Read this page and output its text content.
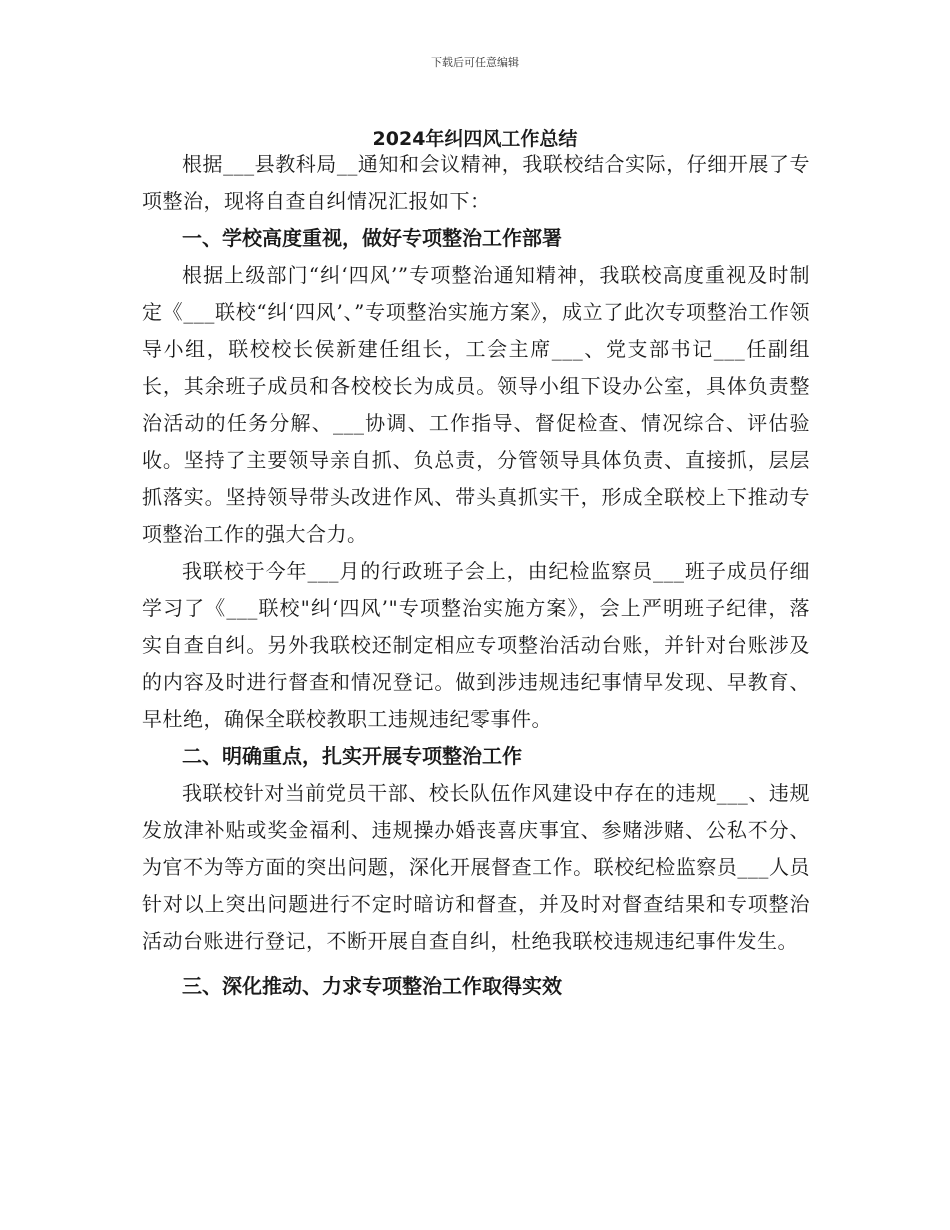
下载后可任意编辑
2024年纠四风工作总结

根据___县教科局__通知和会议精神，我联校结合实际，仔细开展了专项整治，现将自查自纠情况汇报如下：

一、学校高度重视，做好专项整治工作部署

根据上级部门“纠‘四风’”专项整治通知精神，我联校高度重视及时制定《___联校“纠‘四风’、”专项整治实施方案》，成立了此次专项整治工作领导小组，联校校长侯新建任组长，工会主席___、党支部书记___任副组长，其余班子成员和各校校长为成员。领导小组下设办公室，具体负责整治活动的任务分解、___协调、工作指导、督促检查、情况综合、评估验收。坚持了主要领导亲自抓、负总责，分管领导具体负责、直接抓，层层抓落实。坚持领导带头改进作风、带头真抓实干，形成全联校上下推动专项整治工作的强大合力。

我联校于今年___月的行政班子会上，由纪检监察员___班子成员仔细学习了《___联校"纠‘四风’"专项整治实施方案》，会上严明班子纪律，落实自查自纠。另外我联校还制定相应专项整治活动台账，并针对台账涉及的内容及时进行督查和情况登记。做到涉违规违纪事情早发现、早教育、早杜绝，确保全联校教职工违规违纪零事件。

二、明确重点，扎实开展专项整治工作

我联校针对当前党员干部、校长队伍作风建设中存在的违规___、违规发放津补贴或奖金福利、违规操办婚丧喜庆事宜、参赌涉赌、公私不分、为官不为等方面的突出问题，深化开展督查工作。联校纪检监察员___人员针对以上突出问题进行不定时暗访和督查，并及时对督查结果和专项整治活动台账进行登记，不断开展自查自纠，杜绝我联校违规违纪事件发生。

三、深化推动、力求专项整治工作取得实效
